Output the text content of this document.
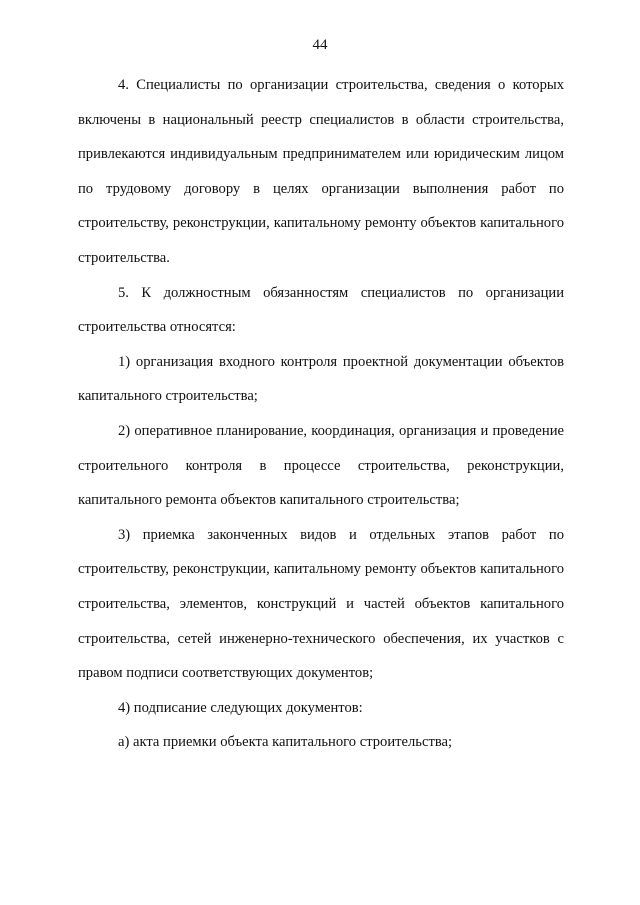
44

4. Специалисты по организации строительства, сведения о которых включены в национальный реестр специалистов в области строительства, привлекаются индивидуальным предпринимателем или юридическим лицом по трудовому договору в целях организации выполнения работ по строительству, реконструкции, капитальному ремонту объектов капитального строительства.

5. К должностным обязанностям специалистов по организации строительства относятся:

1) организация входного контроля проектной документации объектов капитального строительства;

2) оперативное планирование, координация, организация и проведение строительного контроля в процессе строительства, реконструкции, капитального ремонта объектов капитального строительства;

3) приемка законченных видов и отдельных этапов работ по строительству, реконструкции, капитальному ремонту объектов капитального строительства, элементов, конструкций и частей объектов капитального строительства, сетей инженерно-технического обеспечения, их участков с правом подписи соответствующих документов;

4) подписание следующих документов:

а) акта приемки объекта капитального строительства;
